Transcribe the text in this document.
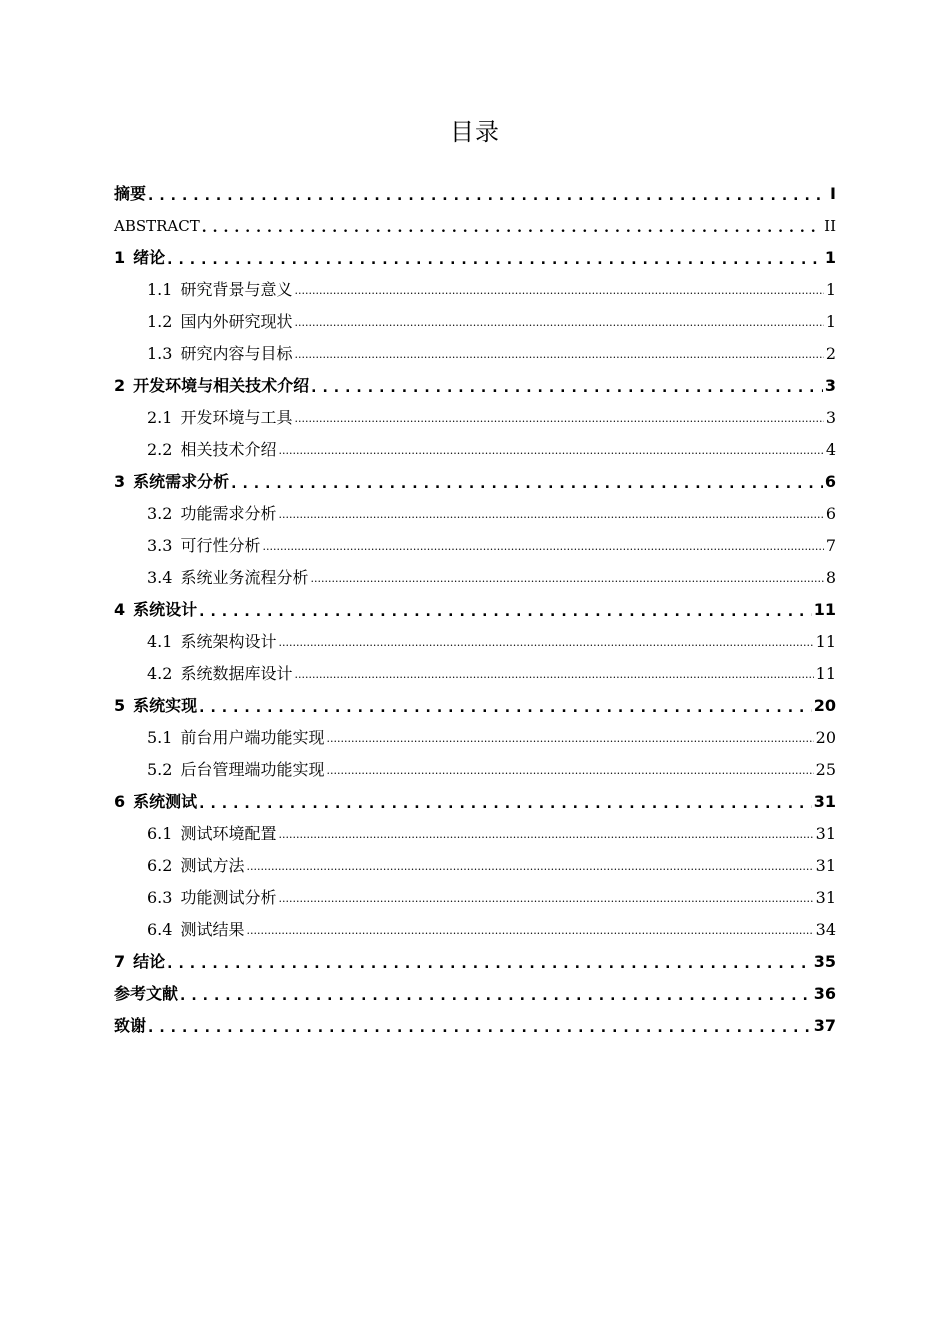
目录
摘要 .....	I
ABSTRACT .....	II
1 绪论 .....	1
1.1 研究背景与意义 .....	1
1.2 国内外研究现状 .....	1
1.3 研究内容与目标 .....	2
2 开发环境与相关技术介绍 .....	3
2.1 开发环境与工具 .....	3
2.2 相关技术介绍 .....	4
3 系统需求分析 .....	6
3.2 功能需求分析 .....	6
3.3 可行性分析 .....	7
3.4 系统业务流程分析 .....	8
4 系统设计 .....	11
4.1 系统架构设计 .....	11
4.2 系统数据库设计 .....	11
5 系统实现 .....	20
5.1 前台用户端功能实现 .....	20
5.2 后台管理端功能实现 .....	25
6 系统测试 .....	31
6.1 测试环境配置 .....	31
6.2 测试方法 .....	31
6.3 功能测试分析 .....	31
6.4 测试结果 .....	34
7 结论 .....	35
参考文献 .....	36
致谢 .....	37
